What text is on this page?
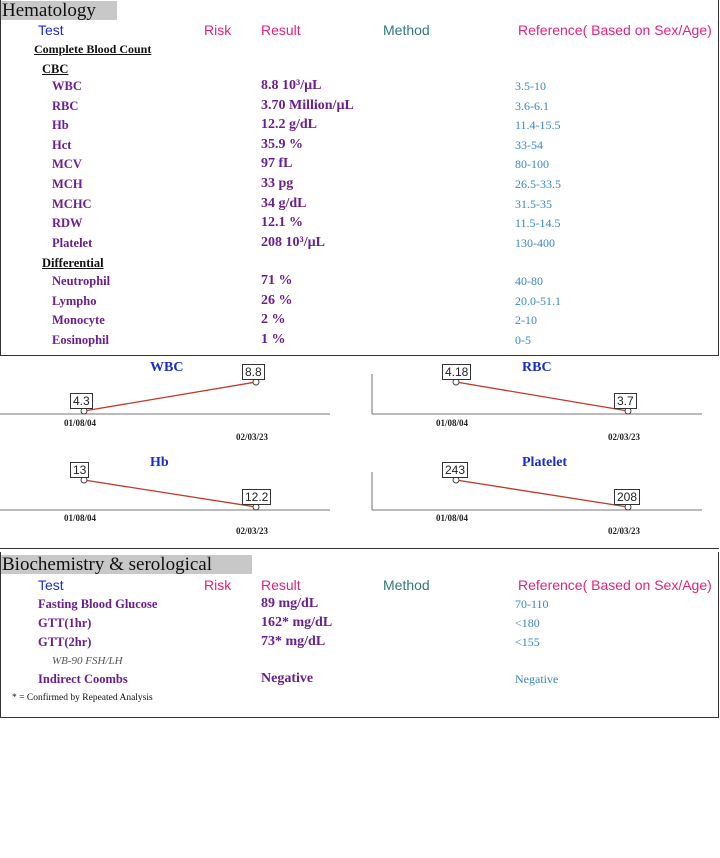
Hematology
Test	Risk Result	Method	Reference( Based on Sex/Age)
Complete Blood Count
CBC
WBC	8.8 10³/µL	3.5-10
RBC	3.70 Million/µL	3.6-6.1
Hb	12.2 g/dL	11.4-15.5
Hct	35.9 %	33-54
MCV	97 fL	80-100
MCH	33 pg	26.5-33.5
MCHC	34 g/dL	31.5-35
RDW	12.1 %	11.5-14.5
Platelet	208 10³/µL	130-400
Differential
Neutrophil	71 %	40-80
Lympho	26 %	20.0-51.1
Monocyte	2 %	2-10
Eosinophil	1 %	0-5
WBC
4.3
8.8
01/08/04
02/03/23
RBC
4.18
3.7
01/08/04
02/03/23
Hb
13
12.2
01/08/04
02/03/23
Platelet
243
208
01/08/04
02/03/23
Biochemistry & serological
Test	Risk Result	Method	Reference( Based on Sex/Age)
Fasting Blood Glucose	89 mg/dL	70-110
GTT(1hr)	162* mg/dL	<180
GTT(2hr)	73* mg/dL	<155
WB-90 FSH/LH
Indirect Coombs	Negative	Negative
* = Confirmed by Repeated Analysis
